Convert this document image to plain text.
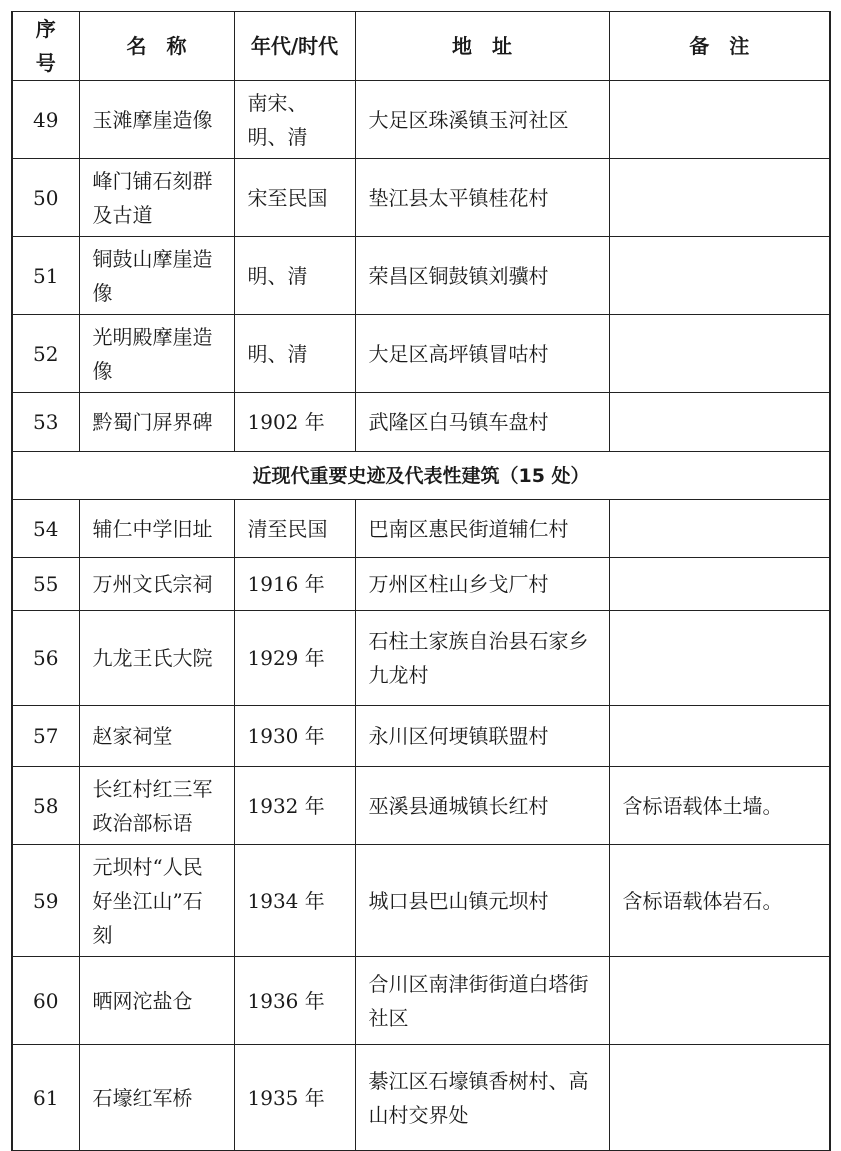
序号	名　称	年代/时代	地　址	备　注
49	玉滩摩崖造像	南宋、明、清	大足区珠溪镇玉河社区	
50	峰门铺石刻群及古道	宋至民国	垫江县太平镇桂花村	
51	铜鼓山摩崖造像	明、清	荣昌区铜鼓镇刘骥村	
52	光明殿摩崖造像	明、清	大足区高坪镇冒咕村	
53	黔蜀门屏界碑	1902 年	武隆区白马镇车盘村	
近现代重要史迹及代表性建筑（15 处）				
54	辅仁中学旧址	清至民国	巴南区惠民街道辅仁村	
55	万州文氏宗祠	1916 年	万州区柱山乡戈厂村	
56	九龙王氏大院	1929 年	石柱土家族自治县石家乡九龙村	
57	赵家祠堂	1930 年	永川区何埂镇联盟村	
58	长红村红三军政治部标语	1932 年	巫溪县通城镇长红村	含标语载体土墙。
59	元坝村“人民好坐江山”石刻	1934 年	城口县巴山镇元坝村	含标语载体岩石。
60	晒网沱盐仓	1936 年	合川区南津街街道白塔街社区	
61	石壕红军桥	1935 年	綦江区石壕镇香树村、高山村交界处	
